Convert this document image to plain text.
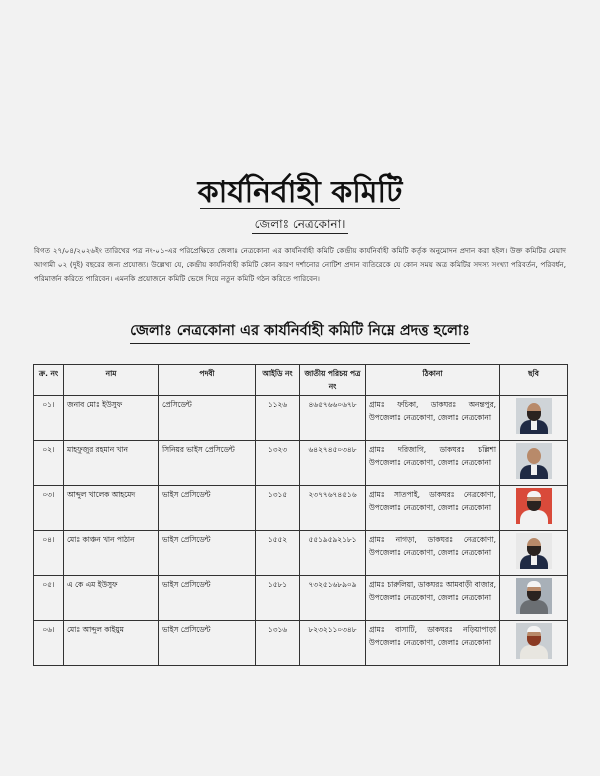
কার্যনির্বাহী কমিটি
জেলাঃ নেত্রকোনা।
বিগত ২৭/০৪/২০২৬ইং তারিখের পত্র নং-০১-এর পরিপ্রেক্ষিতে জেলাঃ নেত্রকোনা এর কার্যনির্বাহী কমিটি কেন্দ্রীয় কার্যনির্বাহী কমিটি কর্তৃক অনুমোদন প্রদান করা হইল। উক্ত কমিটির মেয়াদ আগামী ০২ (দুই) বছরের জন্য প্রযোজ্য। উল্লেখ্য যে, কেন্দ্রীয় কার্যনির্বাহী কমিটি কোন কারণ দর্শানোর নোটিশ প্রদান ব্যতিরেকে যে কোন সময় অত্র কমিটির সদস্য সংখ্যা পরিবর্তন, পরিবর্ধন, পরিমার্জন করিতে পারিবেন। এমনকি প্রয়োজনে কমিটি ভেঙ্গে দিয়ে নতুন কমিটি গঠন করিতে পারিবেন।
জেলাঃ নেত্রকোনা এর কার্যনির্বাহী কমিটি নিম্নে প্রদত্ত হলোঃ
ক্র. নং	নাম	পদবী	আইডি নং	জাতীয় পরিচয় পত্র নং	ঠিকানা	ছবি
০১।	জনাব মোঃ ইউসুফ	প্রেসিডেন্ট	১১২৬	৪৬৫৭৬৬০৬৭৮	গ্রামঃ ফচিকা, ডাকঘরঃ অনন্তপুর, উপজেলাঃ নেত্রকোণা, জেলাঃ নেত্রকোনা	

০২।	মাহফুজুর রহমান খান	সিনিয়র ভাইস প্রেসিডেন্ট	১৩২৩	৬৪২৭৪৫০৩৪৮	গ্রামঃ দরিজাগি, ডাকঘরঃ চল্লিশা উপজেলাঃ নেত্রকোণা, জেলাঃ নেত্রকোনা	

০৩।	আব্দুল খালেক আহমেদ	ভাইস প্রেসিডেন্ট	১৩১৫	২৩৭৭৬৭৪৫১৬	গ্রামঃ সাতপাই, ডাকঘরঃ নেত্রকোণা, উপজেলাঃ নেত্রকোণা, জেলাঃ নেত্রকোনা	

০৪।	মোঃ কাঞ্চন খান পাঠান	ভাইস প্রেসিডেন্ট	১৫৫২	৫৫১৯৫৯২১৮১	গ্রামঃ নাগড়া, ডাকঘরঃ নেত্রকোণা, উপজেলাঃ নেত্রকোণা, জেলাঃ নেত্রকোনা	

০৫।	এ কে এম ইউসুফ	ভাইস প্রেসিডেন্ট	১৫৮১	৭৩২৫১৬৮৯০৯	গ্রামঃ চারুলিয়া, ডাকঘরঃ আমবাড়ী বাজার, উপজেলাঃ নেত্রকোণা, জেলাঃ নেত্রকোনা	

০৬।	মোঃ আব্দুল কাইয়ুম	ভাইস প্রেসিডেন্ট	১৩১৬	৮২৩২১১০৩৪৮	গ্রামঃ বাসাটি, ডাকঘরঃ নড়িয়াপাড়া উপজেলাঃ নেত্রকোণা, জেলাঃ নেত্রকোনা	
